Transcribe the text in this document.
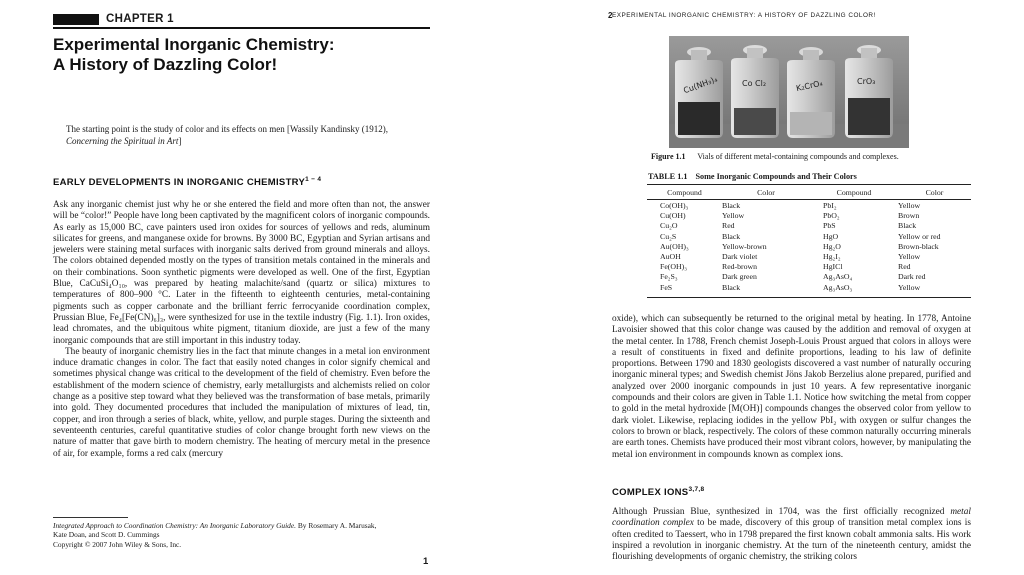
CHAPTER 1
Experimental Inorganic Chemistry:
A History of Dazzling Color!
The starting point is the study of color and its effects on men [Wassily Kandinsky (1912), Concerning the Spiritual in Art]
EARLY DEVELOPMENTS IN INORGANIC $CHEMISTRY^{1 - 4}$

Ask any inorganic chemist just why he or she entered the field and more often than not, the answer will be “color!” People have long been captivated by the magnificent colors of inorganic compounds. As early as 15,000 BC, cave painters used iron oxides for sources of yellows and reds, aluminum silicates for greens, and manganese oxide for browns. By 3000 BC, Egyptian and Syrian artisans and jewelers were staining metal surfaces with inorganic salts derived from ground minerals and alloys. The colors obtained depended mostly on the types of transition metals contained in the minerals and on their combinations. Soon synthetic pigments were developed as well. One of the first, Egyptian Blue, CaCuSi₄O₁₀, was prepared by heating malachite/sand (quartz or silica) mixtures to temperatures of 800–900 °C. Later in the fifteenth to eighteenth centuries, metal-containing pigments such as copper carbonate and the brilliant ferric ferrocyanide coordination complex, Prussian Blue, Fe₄[Fe(CN)₆]₃, were synthesized for use in the textile industry (Fig. 1.1). Iron oxides, lead chromates, and the ubiquitous white pigment, titanium dioxide, are just a few of the many inorganic compounds that are still important in this industry today.

The beauty of inorganic chemistry lies in the fact that minute changes in a metal ion environment induce dramatic changes in color. The fact that easily noted changes in color signify chemical and sometimes physical change was critical to the development of the field of chemistry. Even before the establishment of the modern science of chemistry, early metallurgists and alchemists relied on color change as a positive step toward what they believed was the transformation of base metals, primarily into gold. They documented procedures that included the manipulation of mixtures of lead, tin, copper, and iron through a series of black, white, yellow, and purple stages. During the sixteenth and seventeenth centuries, careful quantitative studies of color change brought forth new views on the nature of matter that gave birth to modern chemistry. The heating of mercury metal in the presence of air, for example, forms a red calx (mercury

Integrated Approach to Coordination Chemistry: An Inorganic Laboratory Guide. By Rosemary A. Marusak,
Kate Doan, and Scott D. Cummings
Copyright © 2007 John Wiley & Sons, Inc.
1
2 EXPERIMENTAL INORGANIC CHEMISTRY: A HISTORY OF DAZZLING COLOR!
Cu(NH₃)₄	Co Cl₂	K₂CrO₄	CrO₃
Figure 1.1 Vials of different metal-containing compounds and complexes.
TABLE 1.1 Some Inorganic Compounds and Their Colors
Compound	Color	Compound	Color
Co(OH)₃	Black	PbI₂	Yellow
Cu(OH)	Yellow	PbO₂	Brown
Cu₂O	Red	PbS	Black
Cu₂S	Black	HgO	Yellow or red
Au(OH)₃	Yellow-brown	Hg₂O	Brown-black
AuOH	Dark violet	Hg₂I₂	Yellow
Fe(OH)₃	Red-brown	HgICl	Red
Fe₂S₃	Dark green	Ag₃AsO₄	Dark red
FeS	Black	Ag₃AsO₃	Yellow

oxide), which can subsequently be returned to the original metal by heating. In 1778, Antoine Lavoisier showed that this color change was caused by the addition and removal of oxygen at the metal center. In 1788, French chemist Joseph-Louis Proust argued that colors in alloys were a result of constituents in fixed and definite proportions, leading to his law of definite proportions. Between 1790 and 1830 geologists discovered a vast number of naturally occuring inorganic mineral types; and Swedish chemist Jöns Jakob Berzelius alone prepared, purified and analyzed over 2000 inorganic compounds in just 10 years. A few representative inorganic compounds and their colors are given in Table 1.1. Notice how switching the metal from copper to gold in the metal hydroxide [M(OH)] compounds changes the observed color from yellow to dark violet. Likewise, replacing iodides in the yellow PbI₂ with oxygen or sulfur changes the colors to brown or black, respectively. The colors of these common naturally occurring minerals are earth tones. Chemists have produced their most vibrant colors, however, by manipulating the metal ion environment in compounds known as complex ions.

COMPLEX IONS$^{3,7,8}$

Although Prussian Blue, synthesized in 1704, was the first officially recognized metal coordination complex to be made, discovery of this group of transition metal complex ions is often credited to Taessert, who in 1798 prepared the first known cobalt ammonia salts. His work inspired a revolution in inorganic chemistry. At the turn of the nineteenth century, amidst the flourishing developments of organic chemistry, the striking colors
